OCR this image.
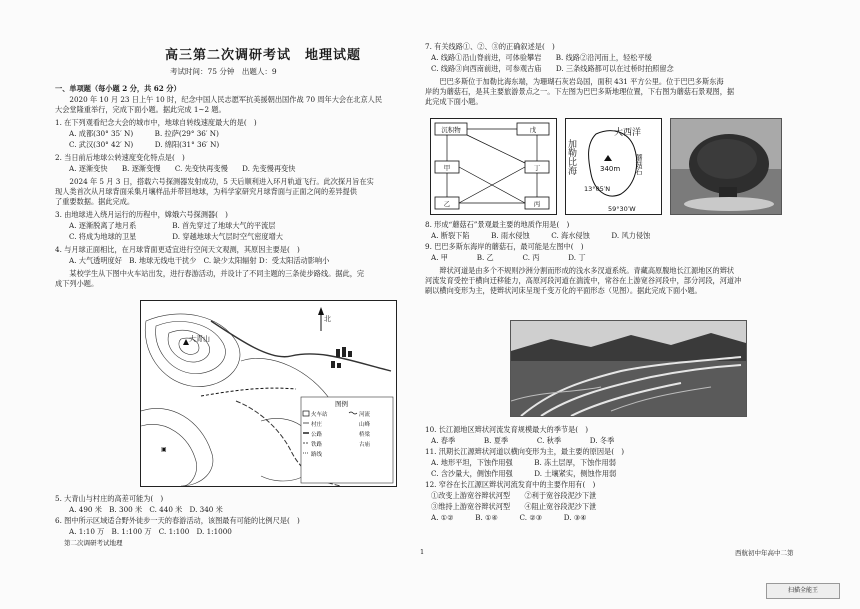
高三第二次调研考试　地理试题
考试时间：75 分钟　出题人：9
一、单项题（每小题 2 分，共 62 分）
　　2020 年 10 月 23 日上午 10 时，纪念中国人民志愿军抗美援朝出国作战 70 周年大会在北京人民
大会堂隆重举行，完成下面小题。据此完成 1~2 题。
1. 在下列观看纪念大会的城市中，地球自转线速度最大的是(　)
A. 成都(30° 35′ N)　　　B. 拉萨(29° 36′ N)
C. 武汉(30° 42′ N)　　　D. 绵阳(31° 36′ N)
2. 当日前后地球公转速度变化特点是(　)
A. 逐渐变快　　B. 逐渐变慢　　C. 先变快再变慢　　D. 先变慢再变快
　　2024 年 5 月 3 日，搭载六号探测器发射成功，5 天后顺利进入环月轨道飞行。此次探月旨在实
现人类首次从月球背面采集月壤样品并带回地球，为科学家研究月球背面与正面之间的差异提供
了重要数据。据此完成。
3. 由地球进入绕月运行的历程中，嫦娥六号探测器(　)
A. 逐渐脱离了地月系　　　　　B. 首先穿过了地球大气的平流层
C. 将成为地球的卫星　　　　　D. 穿越地球大气层时空气密度增大
4. 与月球正面相比，在月球背面更适宜进行空间天文观测，其原因主要是(　)
A. 大气透明度好　B. 地球无线电干扰少　C. 缺少太阳辐射 D：受太阳活动影响小
　　某校学生从下图中火车站出发，进行春游活动，并设计了不同主题的三条徒步路线。据此，完
成下列小题。
大青山
北
图例
火车站
村庄
公路
铁路
路线
河流
山峰
桥梁
古庙
▣
5. 大青山与村庄的高差可能为(　)
A. 490 米　B. 300 米　C. 440 米　D. 340 米
6. 图中所示区域适合野外徒步一天的春游活动，该图最有可能的比例尺是(　)
A. 1:10 万　B. 1:100 万　C. 1:100　D. 1:1000
第二次调研考试地理
1
7. 有关线路①、②、③的正确叙述是(　)
A. 线路①沿山脊前进，可体验攀岩　　B. 线路②沿河而上，轻松平缓
C. 线路③向西南前进，可参观古庙　　D. 三条线路都可以在过桥时拍照留念
　　巴巴多斯位于加勒比海东端，为珊瑚石灰岩岛国，面积 431 平方公里。位于巴巴多斯东海
岸的为蘑菇石，是其主要旅游景点之一。下左图为巴巴多斯地理位置，下右图为蘑菇石景观图，据
此完成下面小题。
沉积物	戊
甲	丁
乙	丙
加勒比海
大西洋
蘑菇石
340m
13°05′N
59°30′W
8. 形成“蘑菇石”景观最主要的地质作用是(　)
A. 断裂下陷　　　B. 雨水侵蚀　　　C. 海水侵蚀　　　D. 风力侵蚀
9. 巴巴多斯东海岸的蘑菇石，最可能是左图中(　)
A. 甲　　　　B. 乙　　　　C. 丙　　　　D. 丁
　　辫状河道是由多个不规则沙洲分割而形成的浅水多汊道系统。青藏高原腹地长江源地区的辫状
河流发育受控于横向迁移能力，高原河段河道在湍流中，常谷在上游宽谷河段中，部分河段，河道冲
刷以横向变形为主，使辫状河床呈现千变万化的平面形态（见图）。据此完成下面小题。
10. 长江源地区辫状河流发育规模最大的季节是(　)
A. 春季　　　　B. 夏季　　　　C. 秋季　　　　D. 冬季
11. 汛期长江源辫状河道以横向变形为主，最主要的原因是(　)
A. 地形平坦，下蚀作用强　　　B. 冻土层厚，下蚀作用弱
C. 含沙量大，侧蚀作用强　　　D. 土壤紧实，侧蚀作用弱
12. 窄谷在长江源区辫状河流发育中的主要作用有(　)
①改变上游宽谷辫状河型　　②利于宽谷段泥沙下泄
③维持上游宽谷辫状河型　　④阻止宽谷段泥沙下泄
A. ①②　　　B. ①④　　　C. ②③　　　D. ③④
西航初中年高中二第
扫描全能王
